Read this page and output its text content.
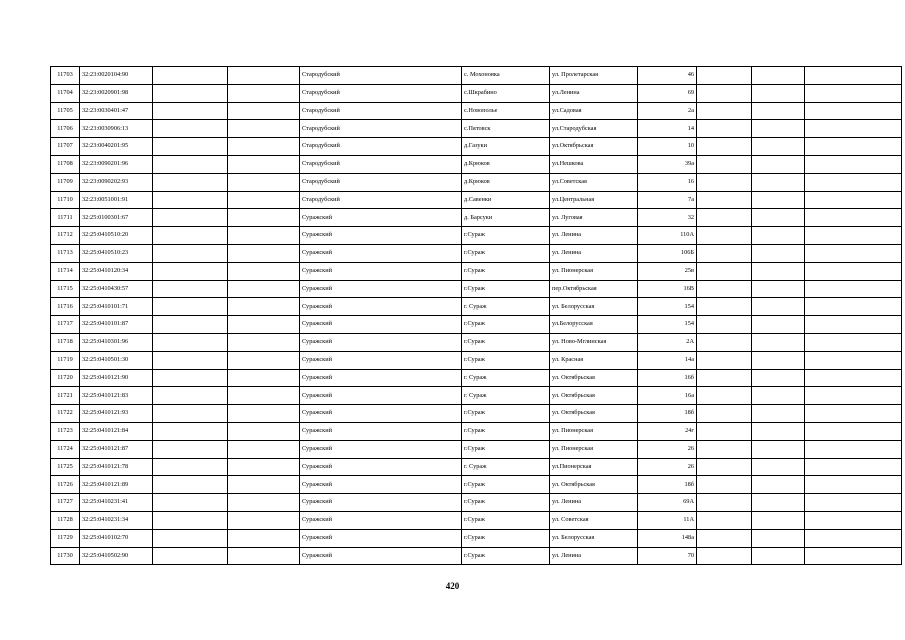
11703	32:23:0020104:90			Стародубский	с. Мохоновка	ул. Пролетарская	46			
11704	32:23:0020901:98			Стародубский	с.Шкрабино	ул.Ленина	69			
11705	32:23:0030401:47			Стародубский	с.Новополье	ул.Садовая	2а			
11706	32:23:0030906:13			Стародубский	с.Пятовск	ул.Стародубская	14			
11707	32:23:0040201:95			Стародубский	д.Газуки	ул.Октябрьская	10			
11708	32:23:0090201:96			Стародубский	д.Крюков	ул.Нешкова	39а			
11709	32:23:0090202:93			Стародубский	д.Крюков	ул.Советская	16			
11710	32:23:0051001:91			Стародубский	д.Савенки	ул.Центральная	7а			
11711	32:25:0100301:67			Суражский	д. Барсуки	ул. Луговая	32			
11712	32:25:0410510:20			Суражский	г.Сураж	ул. Ленина	110А			
11713	32:25:0410510:23			Суражский	г.Сураж	ул. Ленина	106Б			
11714	32:25:0410120:34			Суражский	г.Сураж	ул. Пионерская	25в			
11715	32:25:0410430:57			Суражский	г.Сураж	пер.Октябрьская	16В			
11716	32:25:0410101:71			Суражский	г. Сураж	ул. Белорусская	154			
11717	32:25:0410101:87			Суражский	г.Сураж	ул.Белорусская	154			
11718	32:25:0410301:96			Суражский	г.Сураж	ул. Ново-Мглинская	2А			
11719	32:25:0410501:30			Суражский	г.Сураж	ул. Красная	14а			
11720	32:25:0410121:90			Суражский	г. Сураж	ул. Октябрьская	16б			
11721	32:25:0410121:83			Суражский	г. Сураж	ул. Октябрьская	16а			
11722	32:25:0410121:93			Суражский	г.Сураж	ул. Октябрьская	18б			
11723	32:25:0410121:84			Суражский	г.Сураж	ул. Пионерская	24г			
11724	32:25:0410121:87			Суражский	г.Сураж	ул. Пионерская	26			
11725	32:25:0410121:78			Суражский	г. Сураж	ул.Пионерская	26			
11726	32:25:0410121:89			Суражский	г.Сураж	ул. Октябрьская	18б			
11727	32:25:0410231:41			Суражский	г.Сураж	ул. Ленина	69А			
11728	32:25:0410231:34			Суражский	г.Сураж	ул. Советская	11А			
11729	32:25:0410102:70			Суражский	г.Сураж	ул. Белорусская	148а			
11730	32:25:0410502:90			Суражский	г.Сураж	ул. Ленина	70			
420
